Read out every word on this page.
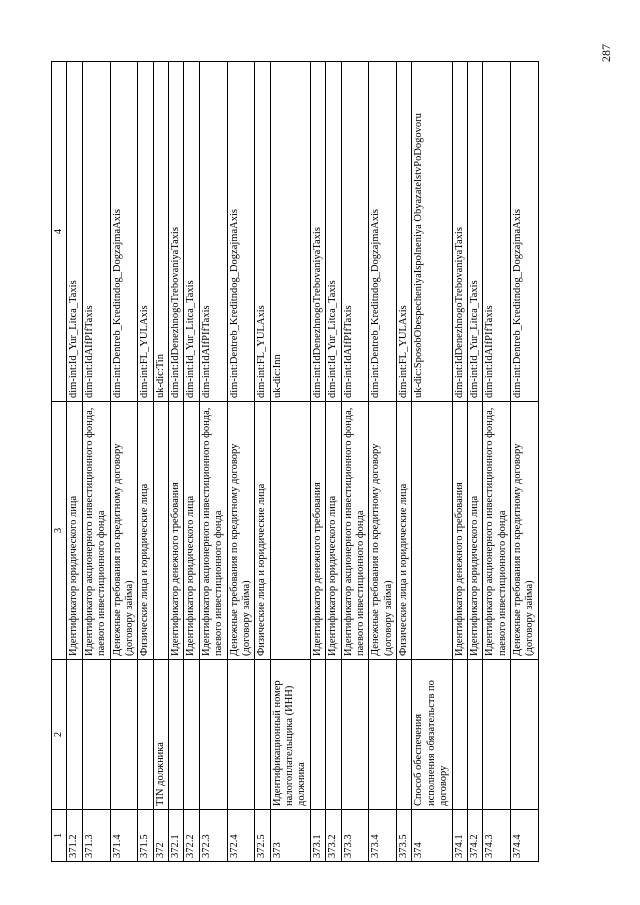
287
1	2	3	4
371.2		Идентификатор юридического лица	dim-int:Id_Yur_Litca_Taxis
371.3		Идентификатор акционерного инвестиционного фонда, паевого инвестиционного фонда	dim-int:IdAIfPIfTaxis
371.4		Денежные требования по кредитному договору (договору займа)	dim-int:Dentreb_Kreditndog_DogzajmaAxis
371.5		Физические лица и юридические лица	dim-int:FL_YULAxis
372	TIN должника		uk-dic:Tin
372.1		Идентификатор денежного требования	dim-int:IdDenezhnogoTrebovaniyaTaxis
372.2		Идентификатор юридического лица	dim-int:Id_Yur_Litca_Taxis
372.3		Идентификатор акционерного инвестиционного фонда, паевого инвестиционного фонда	dim-int:IdAIfPIfTaxis
372.4		Денежные требования по кредитному договору (договору займа)	dim-int:Dentreb_Kreditndog_DogzajmaAxis
372.5		Физические лица и юридические лица	dim-int:FL_YULAxis
373	Идентификационный номер налогоплательщика (ИНН) должника		uk-dic:Inn
373.1		Идентификатор денежного требования	dim-int:IdDenezhnogoTrebovaniyaTaxis
373.2		Идентификатор юридического лица	dim-int:Id_Yur_Litca_Taxis
373.3		Идентификатор акционерного инвестиционного фонда, паевого инвестиционного фонда	dim-int:IdAIfPIfTaxis
373.4		Денежные требования по кредитному договору (договору займа)	dim-int:Dentreb_Kreditndog_DogzajmaAxis
373.5		Физические лица и юридические лица	dim-int:FL_YULAxis
374	Способ обеспечения исполнения обязательств по договору		uk-dic:SposobObespecheniyaIspolneniya ObyazatelstvPoDogovoru
374.1		Идентификатор денежного требования	dim-int:IdDenezhnogoTrebovaniyaTaxis
374.2		Идентификатор юридического лица	dim-int:Id_Yur_Litca_Taxis
374.3		Идентификатор акционерного инвестиционного фонда, паевого инвестиционного фонда	dim-int:IdAIfPIfTaxis
374.4		Денежные требования по кредитному договору (договору займа)	dim-int:Dentreb_Kreditndog_DogzajmaAxis
